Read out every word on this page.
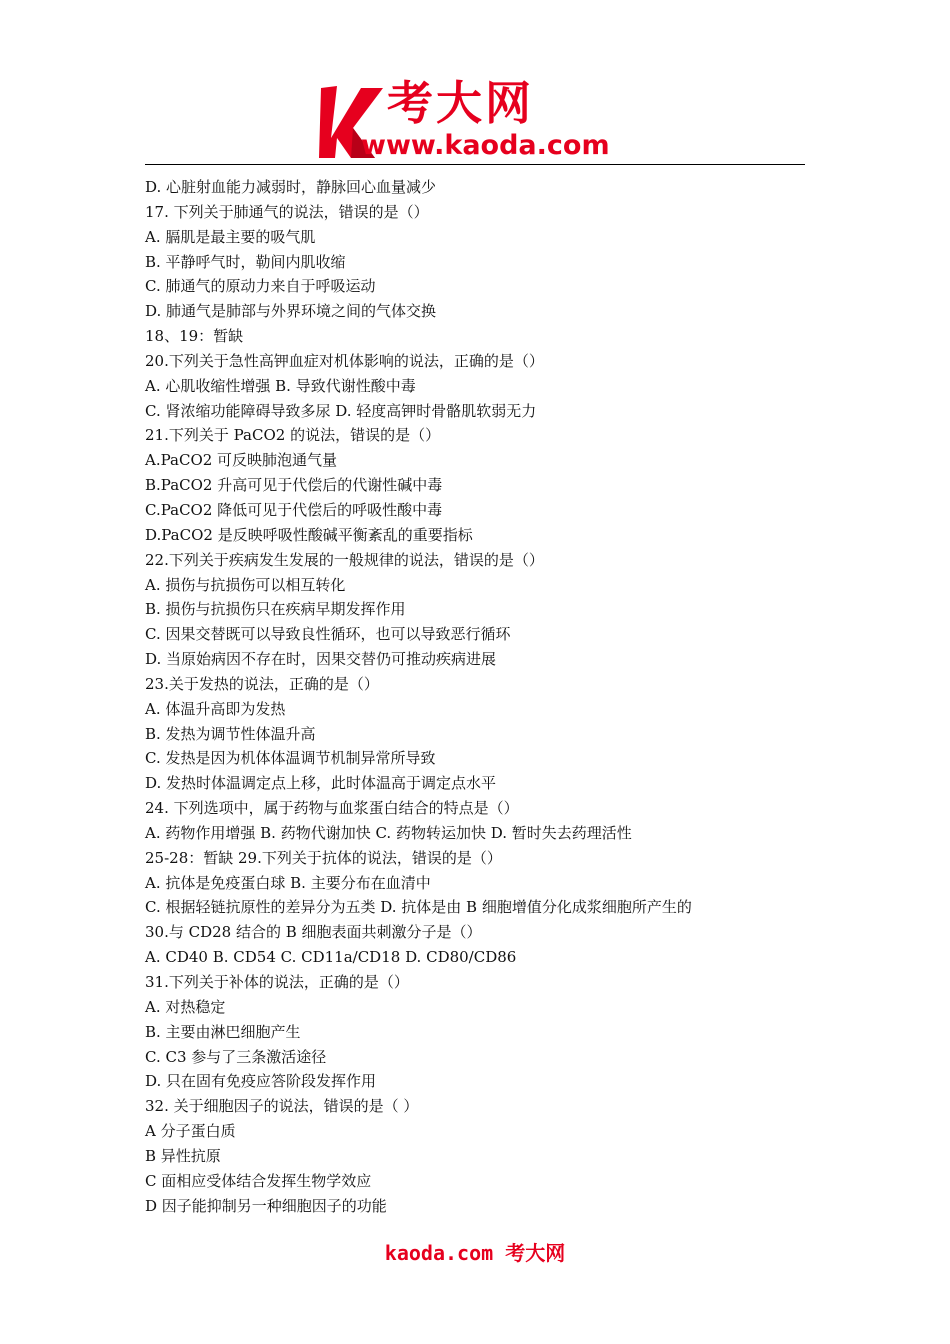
考大网
www.kaoda.com
D. 心脏射血能力减弱时，静脉回心血量减少
17. 下列关于肺通气的说法，错误的是（）
A. 膈肌是最主要的吸气肌
B. 平静呼气时，勒间内肌收缩
C. 肺通气的原动力来自于呼吸运动
D. 肺通气是肺部与外界环境之间的气体交换
18、19：暂缺
20.下列关于急性高钾血症对机体影响的说法，正确的是（）
A. 心肌收缩性增强 B. 导致代谢性酸中毒
C. 肾浓缩功能障碍导致多尿 D. 轻度高钾时骨骼肌软弱无力
21.下列关于 PaCO2 的说法，错误的是（）
A.PaCO2 可反映肺泡通气量
B.PaCO2 升高可见于代偿后的代谢性碱中毒
C.PaCO2 降低可见于代偿后的呼吸性酸中毒
D.PaCO2 是反映呼吸性酸碱平衡紊乱的重要指标
22.下列关于疾病发生发展的一般规律的说法，错误的是（）
A. 损伤与抗损伤可以相互转化
B. 损伤与抗损伤只在疾病早期发挥作用
C. 因果交替既可以导致良性循环，也可以导致恶行循环
D. 当原始病因不存在时，因果交替仍可推动疾病进展
23.关于发热的说法，正确的是（）
A. 体温升高即为发热
B. 发热为调节性体温升高
C. 发热是因为机体体温调节机制异常所导致
D. 发热时体温调定点上移，此时体温高于调定点水平
24. 下列选项中，属于药物与血浆蛋白结合的特点是（）
A. 药物作用增强 B. 药物代谢加快 C. 药物转运加快 D. 暂时失去药理活性
25-28：暂缺 29.下列关于抗体的说法，错误的是（）
A. 抗体是免疫蛋白球 B. 主要分布在血清中
C. 根据轻链抗原性的差异分为五类 D. 抗体是由 B 细胞增值分化成浆细胞所产生的
30.与 CD28 结合的 B 细胞表面共刺激分子是（）
A. CD40 B. CD54 C. CD11a/CD18 D. CD80/CD86
31.下列关于补体的说法，正确的是（）
A. 对热稳定
B. 主要由淋巴细胞产生
C. C3 参与了三条激活途径
D. 只在固有免疫应答阶段发挥作用
32. 关于细胞因子的说法，错误的是（ ）
A 分子蛋白质
B 异性抗原
C 面相应受体结合发挥生物学效应
D 因子能抑制另一种细胞因子的功能
kaoda.com 考大网
